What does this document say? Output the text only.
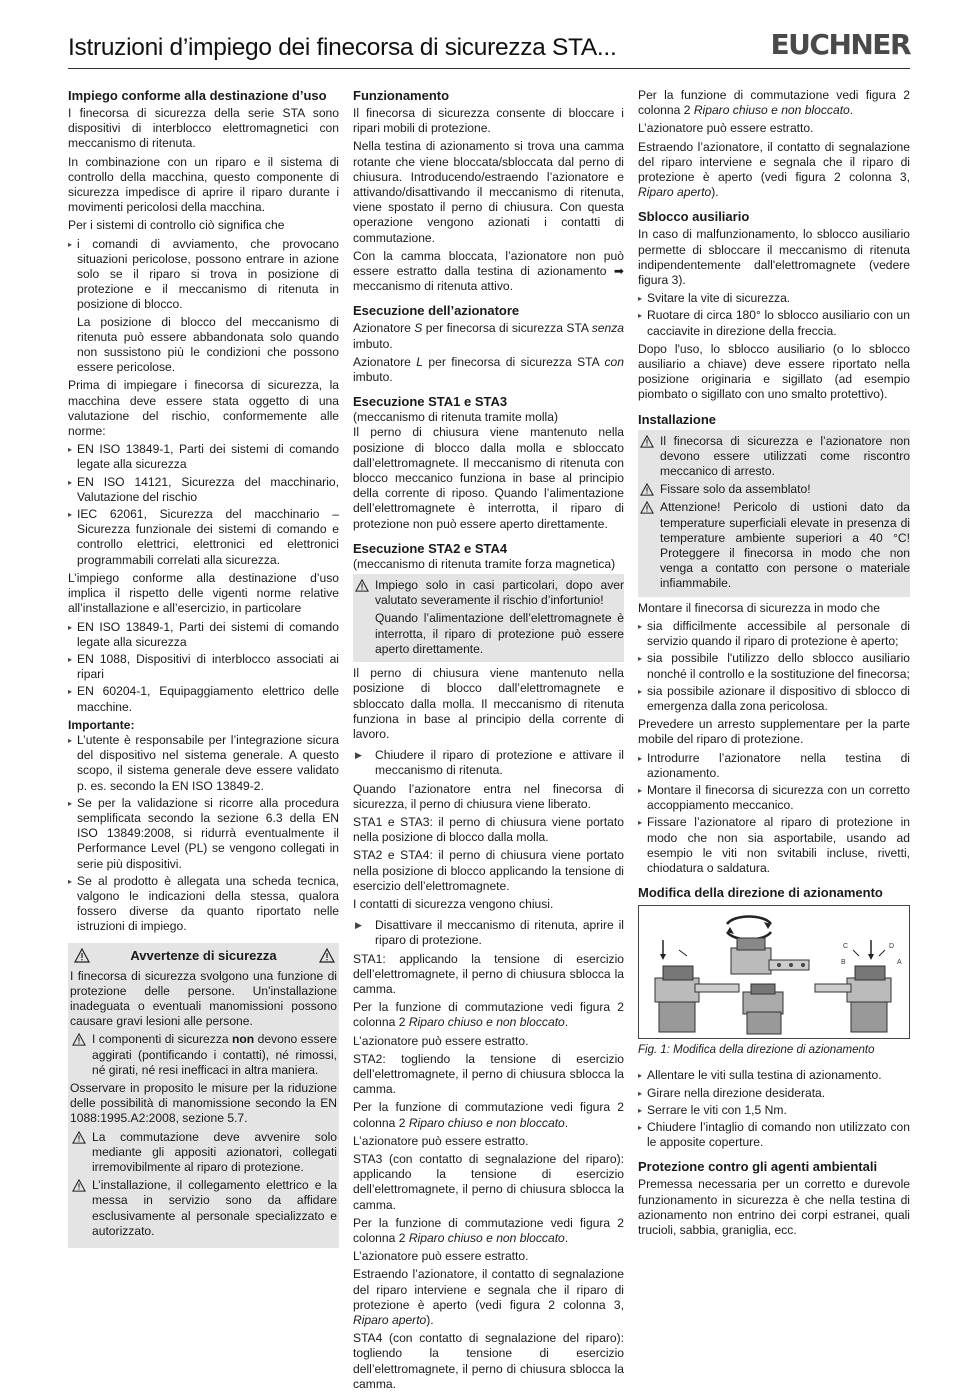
Istruzioni d’impiego dei finecorsa di sicurezza STA...	EUCHNER
Impiego conforme alla destinazione d’uso

I finecorsa di sicurezza della serie STA sono dispositivi di interblocco elettromagnetici con meccanismo di ritenuta.

In combinazione con un riparo e il sistema di controllo della macchina, questo componente di sicurezza impedisce di aprire il riparo durante i movimenti pericolosi della macchina.

Per i sistemi di controllo ciò significa che

▸ i comandi di avviamento, che provocano situazioni pericolose, possono entrare in azione solo se il riparo si trova in posizione di protezione e il meccanismo di ritenuta in posizione di blocco.
La posizione di blocco del meccanismo di ritenuta può essere abbandonata solo quando non sussistono più le condizioni che possono essere pericolose.

Prima di impiegare i finecorsa di sicurezza, la macchina deve essere stata oggetto di una valutazione del rischio, conformemente alle norme:

▸ EN ISO 13849-1, Parti dei sistemi di comando legate alla sicurezza
▸ EN ISO 14121, Sicurezza del macchinario, Valutazione del rischio
▸ IEC 62061, Sicurezza del macchinario – Sicurezza funzionale dei sistemi di comando e controllo elettrici, elettronici ed elettronici programmabili correlati alla sicurezza.

L’impiego conforme alla destinazione d’uso implica il rispetto delle vigenti norme relative all’installazione e all’esercizio, in particolare

▸ EN ISO 13849-1, Parti dei sistemi di comando legate alla sicurezza
▸ EN 1088, Dispositivi di interblocco associati ai ripari
▸ EN 60204-1, Equipaggiamento elettrico delle macchine.
Importante:
▸ L’utente è responsabile per l’integrazione sicura del dispositivo nel sistema generale. A questo scopo, il sistema generale deve essere validato p. es. secondo la EN ISO 13849-2.
▸ Se per la validazione si ricorre alla procedura semplificata secondo la sezione 6.3 della EN ISO 13849:2008, si ridurrà eventualmente il Performance Level (PL) se vengono collegati in serie più dispositivi.
▸ Se al prodotto è allegata una scheda tecnica, valgono le indicazioni della stessa, qualora fossero diverse da quanto riportato nelle istruzioni di impiego.
Avvertenze di sicurezza

I finecorsa di sicurezza svolgono una funzione di protezione delle persone. Un'installazione inadeguata o eventuali manomissioni possono causare gravi lesioni alle persone.

I componenti di sicurezza non devono essere aggirati (pontificando i contatti), né rimossi, né girati, né resi inefficaci in altra maniera.

Osservare in proposito le misure per la riduzione delle possibilità di manomissione secondo la EN 1088:1995.A2:2008, sezione 5.7.

La commutazione deve avvenire solo mediante gli appositi azionatori, collegati irremovibilmente al riparo di protezione.
L’installazione, il collegamento elettrico e la messa in servizio sono da affidare esclusivamente al personale specializzato e autorizzato.
Funzionamento

Il finecorsa di sicurezza consente di bloccare i ripari mobili di protezione.

Nella testina di azionamento si trova una camma rotante che viene bloccata/sbloccata dal perno di chiusura. Introducendo/estraendo l’azionatore e attivando/disattivando il meccanismo di ritenuta, viene spostato il perno di chiusura. Con questa operazione vengono azionati i contatti di commutazione.

Con la camma bloccata, l’azionatore non può essere estratto dalla testina di azionamento ➡ meccanismo di ritenuta attivo.

Esecuzione dell’azionatore

Azionatore S per finecorsa di sicurezza STA senza imbuto.

Azionatore L per finecorsa di sicurezza STA con imbuto.

Esecuzione STA1 e STA3
(meccanismo di ritenuta tramite molla)

Il perno di chiusura viene mantenuto nella posizione di blocco dalla molla e sbloccato dall’elettromagnete. Il meccanismo di ritenuta con blocco meccanico funziona in base al principio della corrente di riposo. Quando l’alimentazione dell’elettromagnete è interrotta, il riparo di protezione non può essere aperto direttamente.

Esecuzione STA2 e STA4
(meccanismo di ritenuta tramite forza magnetica)
Impiego solo in casi particolari, dopo aver valutato severamente il rischio d’infortunio!
Quando l’alimentazione dell’elettromagnete è interrotta, il riparo di protezione può essere aperto direttamente.

Il perno di chiusura viene mantenuto nella posizione di blocco dall’elettromagnete e sbloccato dalla molla. Il meccanismo di ritenuta funziona in base al principio della corrente di lavoro.

▶ Chiudere il riparo di protezione e attivare il meccanismo di ritenuta.

Quando l’azionatore entra nel finecorsa di sicurezza, il perno di chiusura viene liberato.

STA1 e STA3: il perno di chiusura viene portato nella posizione di blocco dalla molla.

STA2 e STA4: il perno di chiusura viene portato nella posizione di blocco applicando la tensione di esercizio dell’elettromagnete.

I contatti di sicurezza vengono chiusi.

▶ Disattivare il meccanismo di ritenuta, aprire il riparo di protezione.

STA1: applicando la tensione di esercizio dell’elettromagnete, il perno di chiusura sblocca la camma.

Per la funzione di commutazione vedi figura 2 colonna 2 Riparo chiuso e non bloccato.

L’azionatore può essere estratto.

STA2: togliendo la tensione di esercizio dell’elettromagnete, il perno di chiusura sblocca la camma.

Per la funzione di commutazione vedi figura 2 colonna 2 Riparo chiuso e non bloccato.

L’azionatore può essere estratto.

STA3 (con contatto di segnalazione del riparo): applicando la tensione di esercizio dell’elettromagnete, il perno di chiusura sblocca la camma.

Per la funzione di commutazione vedi figura 2 colonna 2 Riparo chiuso e non bloccato.

L’azionatore può essere estratto.

Estraendo l’azionatore, il contatto di segnalazione del riparo interviene e segnala che il riparo di protezione è aperto (vedi figura 2 colonna 3, Riparo aperto).

STA4 (con contatto di segnalazione del riparo): togliendo la tensione di esercizio dell’elettromagnete, il perno di chiusura sblocca la camma.

Per la funzione di commutazione vedi figura 2 colonna 2 Riparo chiuso e non bloccato.

L’azionatore può essere estratto.

Estraendo l’azionatore, il contatto di segnalazione del riparo interviene e segnala che il riparo di protezione è aperto (vedi figura 2 colonna 3, Riparo aperto).

Sblocco ausiliario

In caso di malfunzionamento, lo sblocco ausiliario permette di sbloccare il meccanismo di ritenuta indipendentemente dall'elettromagnete (vedere figura 3).

▸ Svitare la vite di sicurezza.
▸ Ruotare di circa 180° lo sblocco ausiliario con un cacciavite in direzione della freccia.

Dopo l'uso, lo sblocco ausiliario (o lo sblocco ausiliario a chiave) deve essere riportato nella posizione originaria e sigillato (ad esempio piombato o sigillato con uno smalto protettivo).

Installazione
Il finecorsa di sicurezza e l’azionatore non devono essere utilizzati come riscontro meccanico di arresto.
Fissare solo da assemblato!
Attenzione! Pericolo di ustioni dato da temperature superficiali elevate in presenza di temperature ambiente superiori a 40 °C! Proteggere il finecorsa in modo che non venga a contatto con persone o materiale infiammabile.

Montare il finecorsa di sicurezza in modo che

▸ sia difficilmente accessibile al personale di servizio quando il riparo di protezione è aperto;
▸ sia possibile l'utilizzo dello sblocco ausiliario nonché il controllo e la sostituzione del finecorsa;
▸ sia possibile azionare il dispositivo di sblocco di emergenza dalla zona pericolosa.

Prevedere un arresto supplementare per la parte mobile del riparo di protezione.

▸ Introdurre l’azionatore nella testina di azionamento.
▸ Montare il finecorsa di sicurezza con un corretto accoppiamento meccanico.
▸ Fissare l’azionatore al riparo di protezione in modo che non sia asportabile, usando ad esempio le viti non svitabili incluse, rivetti, chiodatura o saldatura.
Modifica della direzione di azionamento
C	D
B	A
Fig. 1: Modifica della direzione di azionamento
▸ Allentare le viti sulla testina di azionamento.
▸ Girare nella direzione desiderata.
▸ Serrare le viti con 1,5 Nm.
▸ Chiudere l’intaglio di comando non utilizzato con le apposite coperture.
Protezione contro gli agenti ambientali

Premessa necessaria per un corretto e durevole funzionamento in sicurezza è che nella testina di azionamento non entrino dei corpi estranei, quali trucioli, sabbia, graniglia, ecc.
